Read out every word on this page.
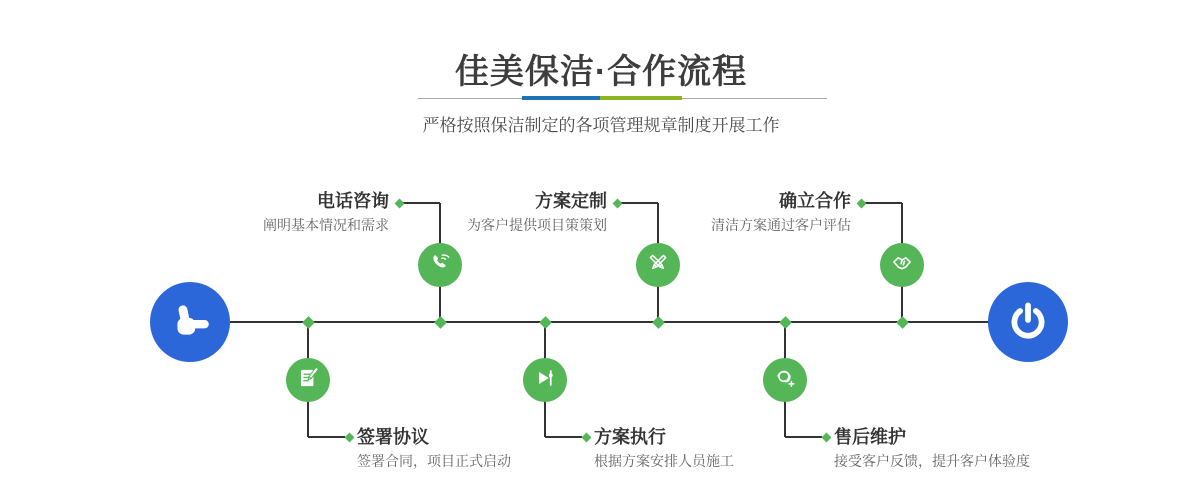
佳美保洁·合作流程

严格按照保洁制定的各项管理规章制度开展工作

电话咨询
阐明基本情况和需求
签署协议
签署合同，项目正式启动
方案定制
为客户提供项目策策划
方案执行
根据方案安排人员施工
确立合作
清洁方案通过客户评估
售后维护
接受客户反馈，提升客户体验度
